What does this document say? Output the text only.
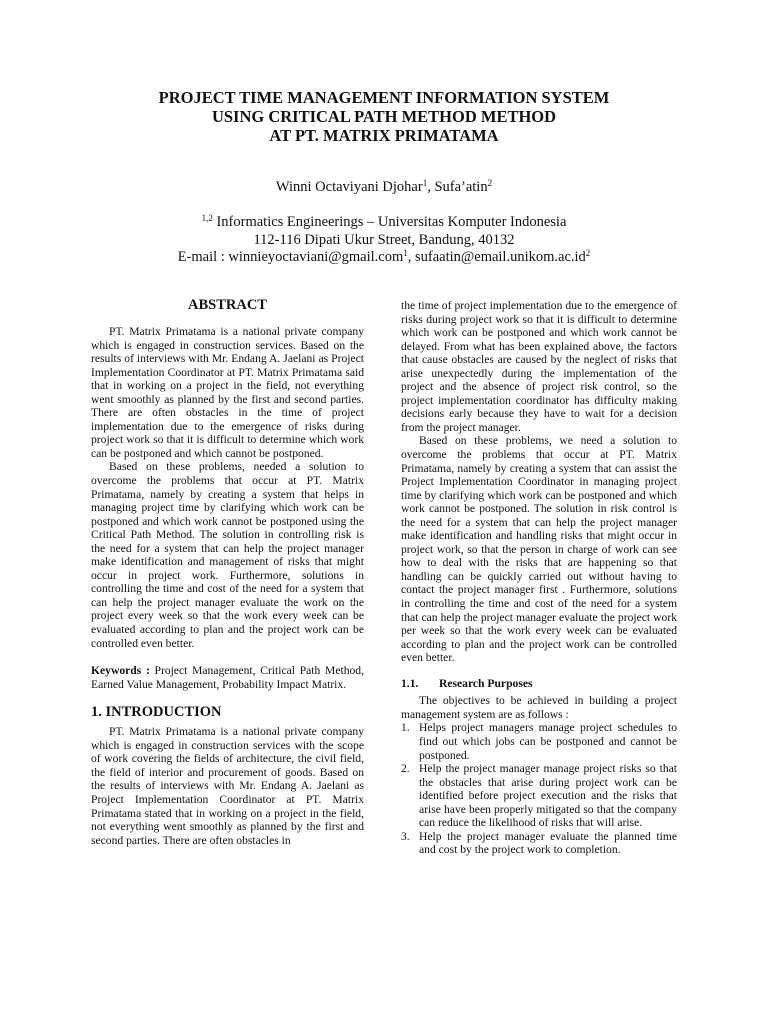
PROJECT TIME MANAGEMENT INFORMATION SYSTEM
USING CRITICAL PATH METHOD METHOD
AT PT. MATRIX PRIMATAMA
Winni Octaviyani Djohar$^1$, Sufa’atin$^2$
$^{1,2}$ Informatics Engineerings – Universitas Komputer Indonesia
112-116 Dipati Ukur Street, Bandung, 40132
E-mail : winnieyoctaviani@gmail.com$^1$, $sufaatin@email.unikom.ac.id^2$
ABSTRACT

PT. Matrix Primatama is a national private company which is engaged in construction services. Based on the results of interviews with Mr. Endang A. Jaelani as Project Implementation Coordinator at PT. Matrix Primatama said that in working on a project in the field, not everything went smoothly as planned by the first and second parties. There are often obstacles in the time of project implementation due to the emergence of risks during project work so that it is difficult to determine which work can be postponed and which cannot be postponed.

Based on these problems, needed a solution to overcome the problems that occur at PT. Matrix Primatama, namely by creating a system that helps in managing project time by clarifying which work can be postponed and which work cannot be postponed using the Critical Path Method. The solution in controlling risk is the need for a system that can help the project manager make identification and management of risks that might occur in project work. Furthermore, solutions in controlling the time and cost of the need for a system that can help the project manager evaluate the work on the project every week so that the work every week can be evaluated according to plan and the project work can be controlled even better.

Keywords : Project Management, Critical Path Method, Earned Value Management, Probability Impact Matrix.

1. INTRODUCTION

PT. Matrix Primatama is a national private company which is engaged in construction services with the scope of work covering the fields of architecture, the civil field, the field of interior and procurement of goods. Based on the results of interviews with Mr. Endang A. Jaelani as Project Implementation Coordinator at PT. Matrix Primatama stated that in working on a project in the field, not everything went smoothly as planned by the first and second parties. There are often obstacles in

the time of project implementation due to the emergence of risks during project work so that it is difficult to determine which work can be postponed and which work cannot be delayed. From what has been explained above, the factors that cause obstacles are caused by the neglect of risks that arise unexpectedly during the implementation of the project and the absence of project risk control, so the project implementation coordinator has difficulty making decisions early because they have to wait for a decision from the project manager.

Based on these problems, we need a solution to overcome the problems that occur at PT. Matrix Primatama, namely by creating a system that can assist the Project Implementation Coordinator in managing project time by clarifying which work can be postponed and which work cannot be postponed. The solution in risk control is the need for a system that can help the project manager make identification and handling risks that might occur in project work, so that the person in charge of work can see how to deal with the risks that are happening so that handling can be quickly carried out without having to contact the project manager first . Furthermore, solutions in controlling the time and cost of the need for a system that can help the project manager evaluate the project work per week so that the work every week can be evaluated according to plan and the project work can be controlled even better.

1.1. Research Purposes

The objectives to be achieved in building a project management system are as follows :

1. Helps project managers manage project schedules to find out which jobs can be postponed and cannot be postponed.
2. Help the project manager manage project risks so that the obstacles that arise during project work can be identified before project execution and the risks that arise have been properly mitigated so that the company can reduce the likelihood of risks that will arise.
3. Help the project manager evaluate the planned time and cost by the project work to completion.
